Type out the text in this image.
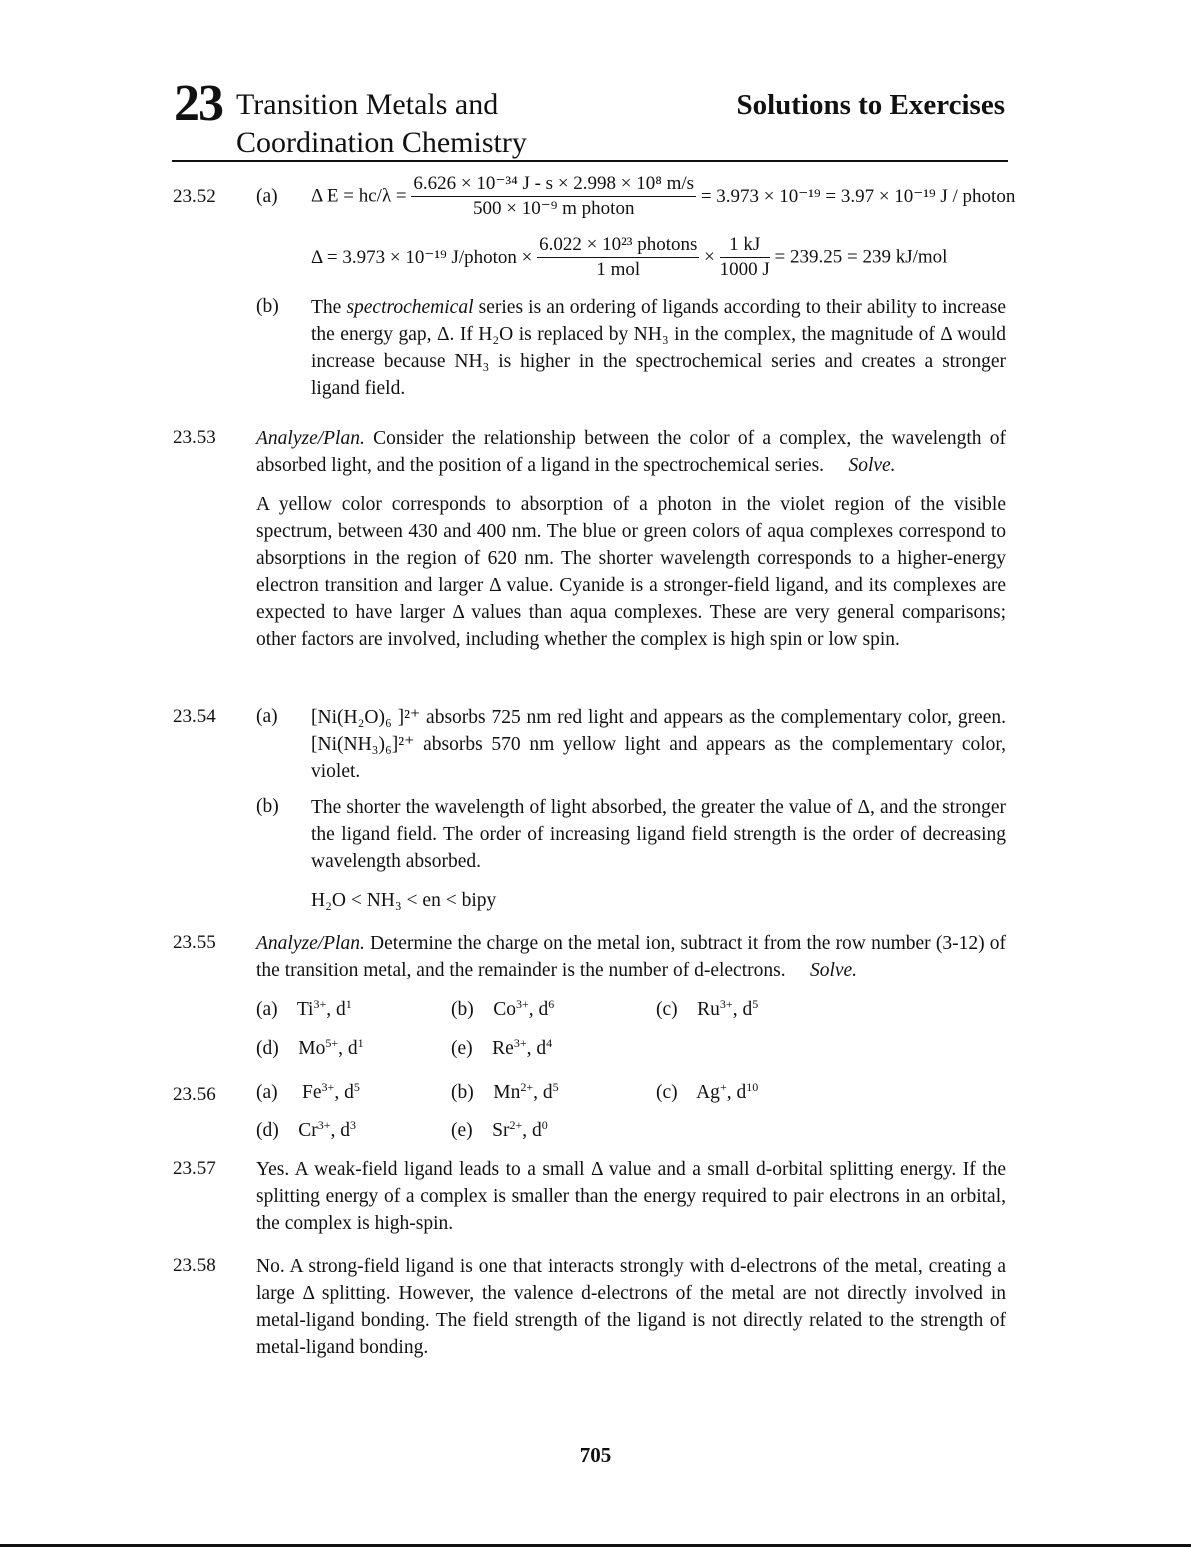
23 Transition Metals and
Coordination Chemistry
Solutions to Exercises
23.52 (a) Δ $E = hc/\lambda = \frac{\text{6.626 × 10⁻³⁴ J - s × 2.998 × 10⁸ m/s}}{\text{500 × 10⁻⁹ m photon}} = 3.973 \times 10^{-19} = 3.97 \times 10^{-19}$ J / photon
Δ = 3.973 × 10⁻¹⁹ J/photon × $\frac{\text{6.022 × 10²³ photons}}{\text{1 mol}} \times \frac{1 kJ}{1000 J} = 239.25 = 239$ kJ/mol
(b) The spectrochemical series is an ordering of ligands according to their ability to increase the energy gap, Δ. If H₂O is replaced by NH₃ in the complex, the magnitude of Δ would increase because NH₃ is higher in the spectrochemical series and creates a stronger ligand field.
23.53 Analyze/Plan. Consider the relationship between the color of a complex, the wavelength of absorbed light, and the position of a ligand in the spectrochemical series. Solve.
A yellow color corresponds to absorption of a photon in the violet region of the visible spectrum, between 430 and 400 nm. The blue or green colors of aqua complexes correspond to absorptions in the region of 620 nm. The shorter wavelength corresponds to a higher-energy electron transition and larger Δ value. Cyanide is a stronger-field ligand, and its complexes are expected to have larger Δ values than aqua complexes. These are very general comparisons; other factors are involved, including whether the complex is high spin or low spin.
23.54 (a) [Ni(H₂O)₆ ]²⁺ absorbs 725 nm red light and appears as the complementary color, green. [Ni(NH₃)₆]²⁺ absorbs 570 nm yellow light and appears as the complementary color, violet.
(b) The shorter the wavelength of light absorbed, the greater the value of Δ, and the stronger the ligand field. The order of increasing ligand field strength is the order of decreasing wavelength absorbed.
H₂O < NH₃ < en < bipy
23.55 Analyze/Plan. Determine the charge on the metal ion, subtract it from the row number (3-12) of the transition metal, and the remainder is the number of d-electrons. Solve.
(a) $Ti^{3+}$, $d^1$	(b) $Co^{3+}$, $d^6$	(c) $Ru^{3+}$, $d^5$
(d) $Mo^{5+}$, $d^1$	(e) $Re^{3+}$, $d^4$
23.56 (a) $Fe^{3+}$, $d^5$	(b) $Mn^{2+}$, $d^5$	(c) Ag+, $d^{10}$
(d) $Cr^{3+}$, $d^3$	(e) $Sr^{2+}$, $d^0$
23.57 Yes. A weak-field ligand leads to a small Δ value and a small d-orbital splitting energy. If the splitting energy of a complex is smaller than the energy required to pair electrons in an orbital, the complex is high-spin.
23.58 No. A strong-field ligand is one that interacts strongly with d-electrons of the metal, creating a large Δ splitting. However, the valence d-electrons of the metal are not directly involved in metal-ligand bonding. The field strength of the ligand is not directly related to the strength of metal-ligand bonding.
705
